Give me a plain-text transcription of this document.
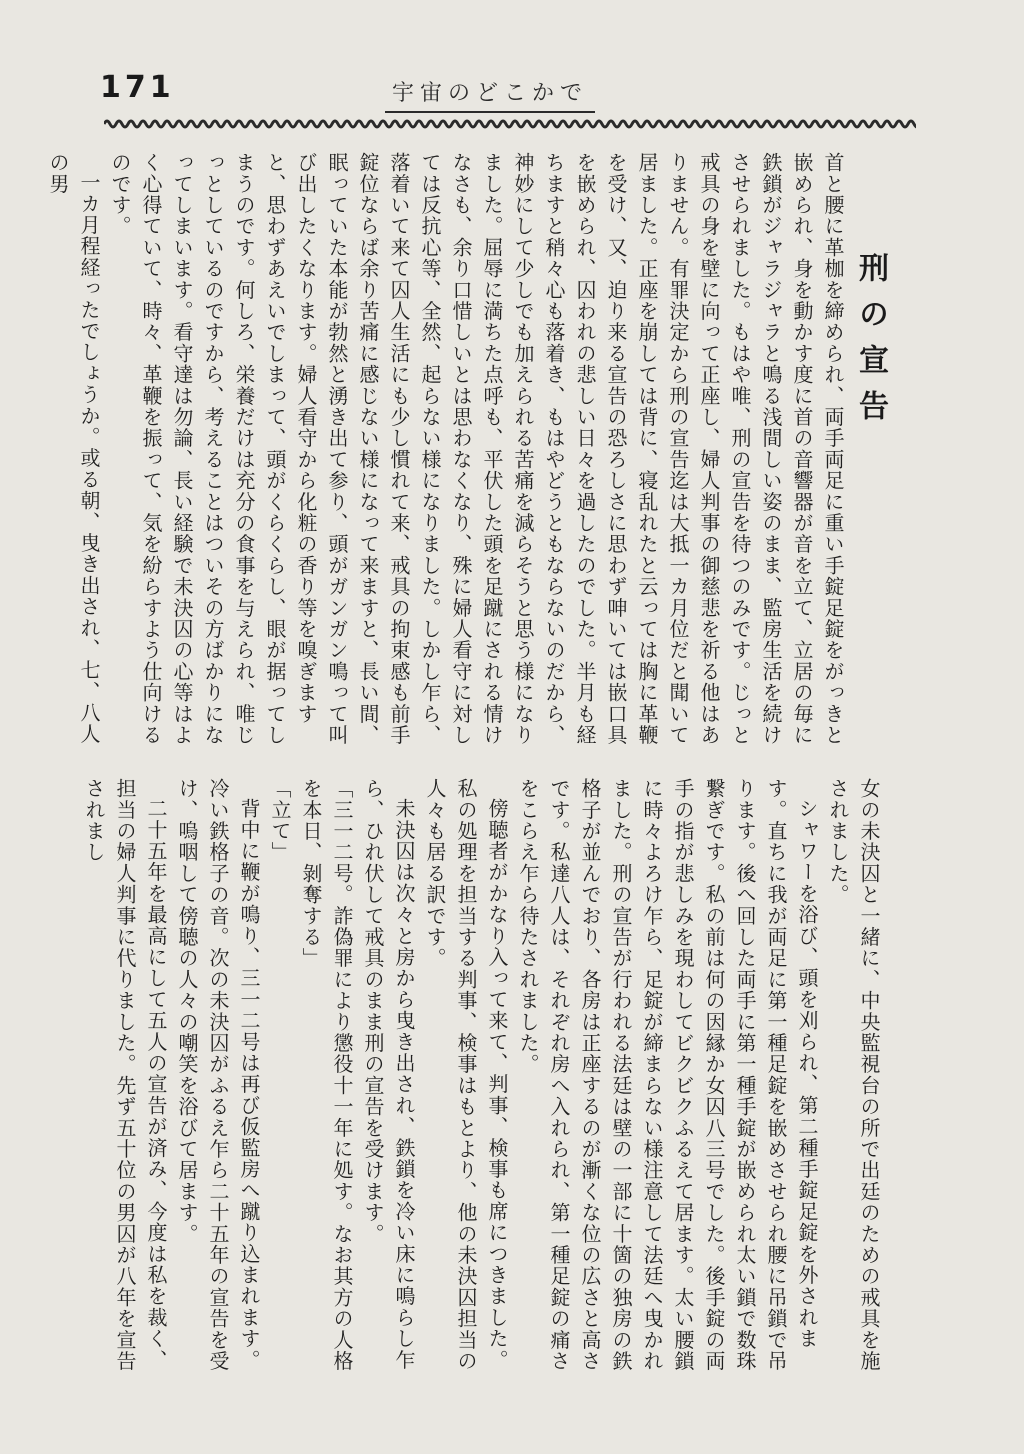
171	宇宙のどこかで
刑の宣告

首と腰に革枷を締められ、両手両足に重い手錠足錠をがっきと嵌められ、身を動かす度に首の音響器が音を立て、立居の毎に鉄鎖がジャラジャラと鳴る浅間しい姿のまま、監房生活を続けさせられました。もはや唯、刑の宣告を待つのみです。じっと戒具の身を壁に向って正座し、婦人判事の御慈悲を祈る他はありません。有罪決定から刑の宣告迄は大抵一カ月位だと聞いて居ました。正座を崩しては背に、寝乱れたと云っては胸に革鞭を受け、又、迫り来る宣告の恐ろしさに思わず呻いては嵌口具を嵌められ、囚われの悲しい日々を過したのでした。半月も経ちますと稍々心も落着き、もはやどうともならないのだから、神妙にして少しでも加えられる苦痛を減らそうと思う様になりました。屈辱に満ちた点呼も、平伏した頭を足蹴にされる情けなさも、余り口惜しいとは思わなくなり、殊に婦人看守に対しては反抗心等、全然、起らない様になりました。しかし乍ら、落着いて来て囚人生活にも少し慣れて来、戒具の拘束感も前手錠位ならば余り苦痛に感じない様になって来ますと、長い間、眠っていた本能が勃然と湧き出て参り、頭がガンガン鳴って叫び出したくなります。婦人看守から化粧の香り等を嗅ぎますと、思わずあえいでしまって、頭がくらくらし、眼が据ってしまうのです。何しろ、栄養だけは充分の食事を与えられ、唯じっとしているのですから、考えることはついその方ばかりになってしまいます。看守達は勿論、長い経験で未決囚の心等はよく心得ていて、時々、革鞭を振って、気を紛らすよう仕向けるのです。

一カ月程経ったでしょうか。或る朝、曳き出され、七、八人の男

女の未決囚と一緒に、中央監視台の所で出廷のための戒具を施されました。

シャワーを浴び、頭を刈られ、第二種手錠足錠を外されます。直ちに我が両足に第一種足錠を嵌めさせられ腰に吊鎖で吊ります。後へ回した両手に第一種手錠が嵌められ太い鎖で数珠繋ぎです。私の前は何の因縁か女囚八三号でした。後手錠の両手の指が悲しみを現わしてビクビクふるえて居ます。太い腰鎖に時々よろけ乍ら、足錠が締まらない様注意して法廷へ曳かれました。刑の宣告が行われる法廷は壁の一部に十箇の独房の鉄格子が並んでおり、各房は正座するのが漸くな位の広さと高さです。私達八人は、それぞれ房へ入れられ、第一種足錠の痛さをこらえ乍ら待たされました。

傍聴者がかなり入って来て、判事、検事も席につきました。私の処理を担当する判事、検事はもとより、他の未決囚担当の人々も居る訳です。

未決囚は次々と房から曳き出され、鉄鎖を冷い床に鳴らし乍ら、ひれ伏して戒具のまま刑の宣告を受けます。

「三一二号。詐偽罪により懲役十一年に処す。なお其方の人格を本日、剝奪する」

「立て」

背中に鞭が鳴り、三一二号は再び仮監房へ蹴り込まれます。冷い鉄格子の音。次の未決囚がふるえ乍ら二十五年の宣告を受け、嗚咽して傍聴の人々の嘲笑を浴びて居ます。

二十五年を最高にして五人の宣告が済み、今度は私を裁く、担当の婦人判事に代りました。先ず五十位の男囚が八年を宣告されまし
